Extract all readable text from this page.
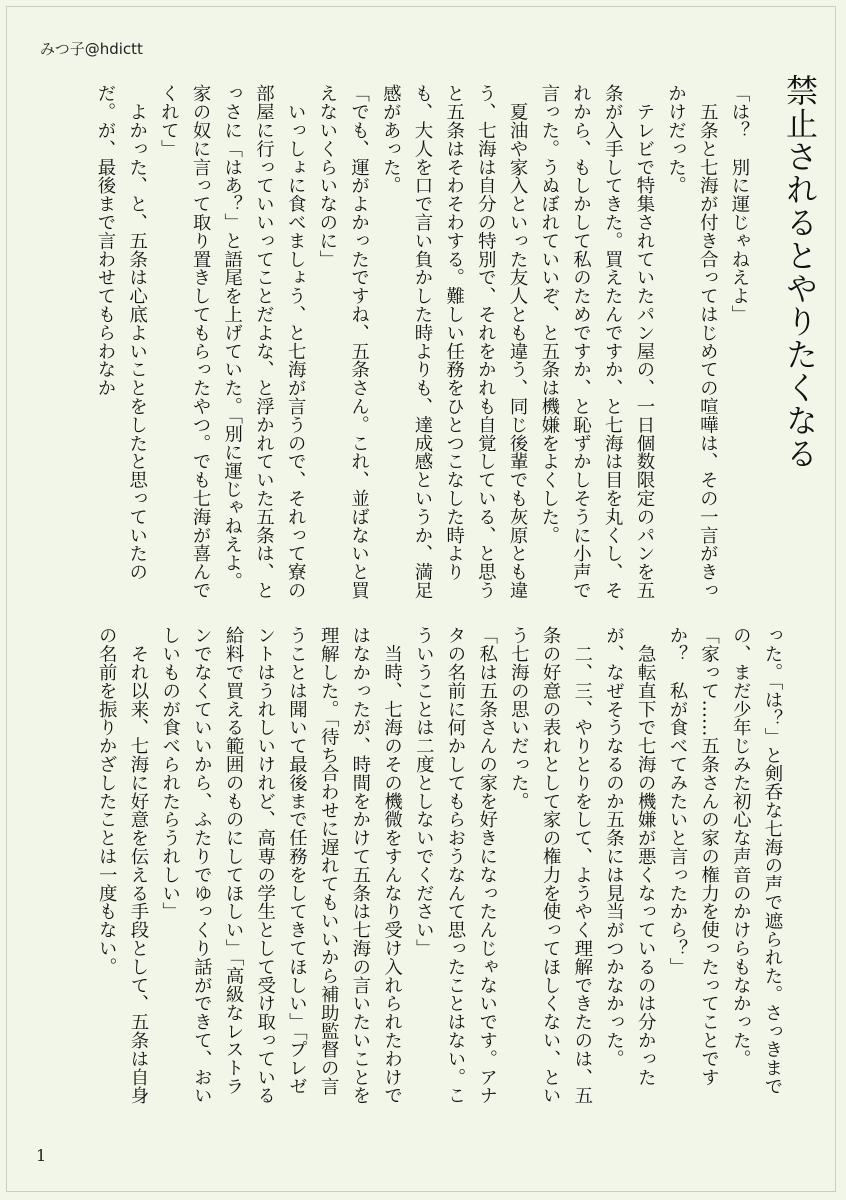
みつ子@hdictt
禁止されるとやりたくなる

「は？　別に運じゃねえよ」

　五条と七海が付き合ってはじめての喧嘩は、その一言がきっかけだった。

　テレビで特集されていたパン屋の、一日個数限定のパンを五条が入手してきた。買えたんですか、と七海は目を丸くし、それから、もしかして私のためですか、と恥ずかしそうに小声で言った。うぬぼれていいぞ、と五条は機嫌をよくした。

　夏油や家入といった友人とも違う、同じ後輩でも灰原とも違う、七海は自分の特別で、それをかれも自覚している、と思うと五条はそわそわする。難しい任務をひとつこなした時よりも、大人を口で言い負かした時よりも、達成感というか、満足感があった。

「でも、運がよかったですね、五条さん。これ、並ばないと買えないくらいなのに」

　いっしょに食べましょう、と七海が言うので、それって寮の部屋に行っていいってことだよな、と浮かれていた五条は、とっさに「はあ？」と語尾を上げていた。「別に運じゃねえよ。家の奴に言って取り置きしてもらったやつ。でも七海が喜んでくれて」

　よかった、と、五条は心底よいことをしたと思っていたのだ。が、最後まで言わせてもらわなか

った。「は？」と剣呑な七海の声で遮られた。さっきまでの、まだ少年じみた初心な声音のかけらもなかった。

「家って……五条さんの家の権力を使ったってことですか？　私が食べてみたいと言ったから？」

　急転直下で七海の機嫌が悪くなっているのは分かったが、なぜそうなるのか五条には見当がつかなかった。

　二、三、やりとりをして、ようやく理解できたのは、五条の好意の表れとして家の権力を使ってほしくない、という七海の思いだった。

「私は五条さんの家を好きになったんじゃないです。アナタの名前に何かしてもらおうなんて思ったことはない。こういうことは二度としないでください」

　当時、七海のその機微をすんなり受け入れられたわけではなかったが、時間をかけて五条は七海の言いたいことを理解した。「待ち合わせに遅れてもいいから補助監督の言うことは聞いて最後まで任務をしてきてほしい」「プレゼントはうれしいけれど、高専の学生として受け取っている給料で買える範囲のものにしてほしい」「高級なレストランでなくていいから、ふたりでゆっくり話ができて、おいしいものが食べられたらうれしい」

　それ以来、七海に好意を伝える手段として、五条は自身の名前を振りかざしたことは一度もない。

1
